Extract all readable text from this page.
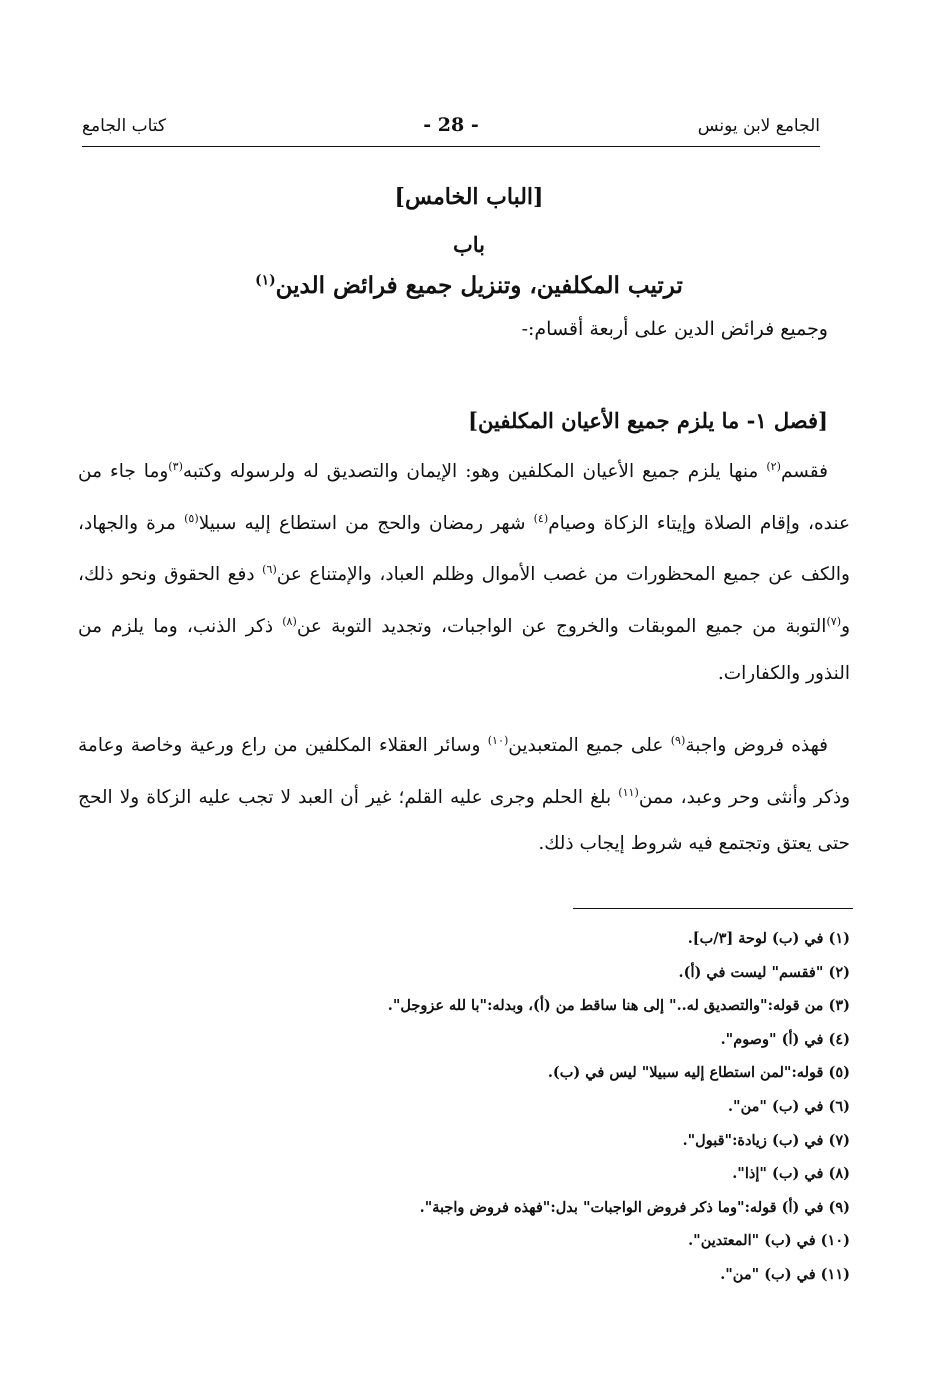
الجامع لابن يونس
- 28 -
كتاب الجامع
[الباب الخامس]
باب
ترتيب المكلفين، وتنزيل جميع فرائض الدين$^{(١)}$
وجميع فرائض الدين على أربعة أقسام:-
[فصل ١- ما يلزم جميع الأعيان المكلفين]

فقسم$^{(٢)}$ منها يلزم جميع الأعيان المكلفين وهو: الإيمان والتصديق له ولرسوله وكتبه$^{(٣)}$وما جاء من عنده، وإقام الصلاة وإيتاء الزكاة وصيام$^{(٤)}$ شهر رمضان والحج من استطاع إليه سبيلا$^{(٥)}$ مرة والجهاد، والكف عن جميع المحظورات من غصب الأموال وظلم العباد، والإمتناع عن$^{(٦)}$ دفع الحقوق ونحو ذلك، و$^{(٧)}$التوبة من جميع الموبقات والخروج عن الواجبات، وتجديد التوبة عن$^{(٨)}$ ذكر الذنب، وما يلزم من النذور والكفارات.

فهذه فروض واجبة$^{(٩)}$ على جميع المتعبدين$^{(١٠)}$ وسائر العقلاء المكلفين من راع ورعية وخاصة وعامة وذكر وأنثى وحر وعبد، ممن$^{(١١)}$ بلغ الحلم وجرى عليه القلم؛ غير أن العبد لا تجب عليه الزكاة ولا الحج حتى يعتق وتجتمع فيه شروط إيجاب ذلك.

(١) في (ب) لوحة [٣/ب].
(٢) "فقسم" ليست في (أ).
(٣) من قوله:"والتصديق له.." إلى هنا ساقط من (أ)، وبدله:"با لله عزوجل".
(٤) في (أ) "وصوم".
(٥) قوله:"لمن استطاع إليه سبيلا" ليس في (ب).
(٦) في (ب) "من".
(٧) في (ب) زيادة:"قبول".
(٨) في (ب) "إذا".
(٩) في (أ) قوله:"وما ذكر فروض الواجبات" بدل:"فهذه فروض واجبة".
(١٠) في (ب) "المعتدين".
(١١) في (ب) "من".
